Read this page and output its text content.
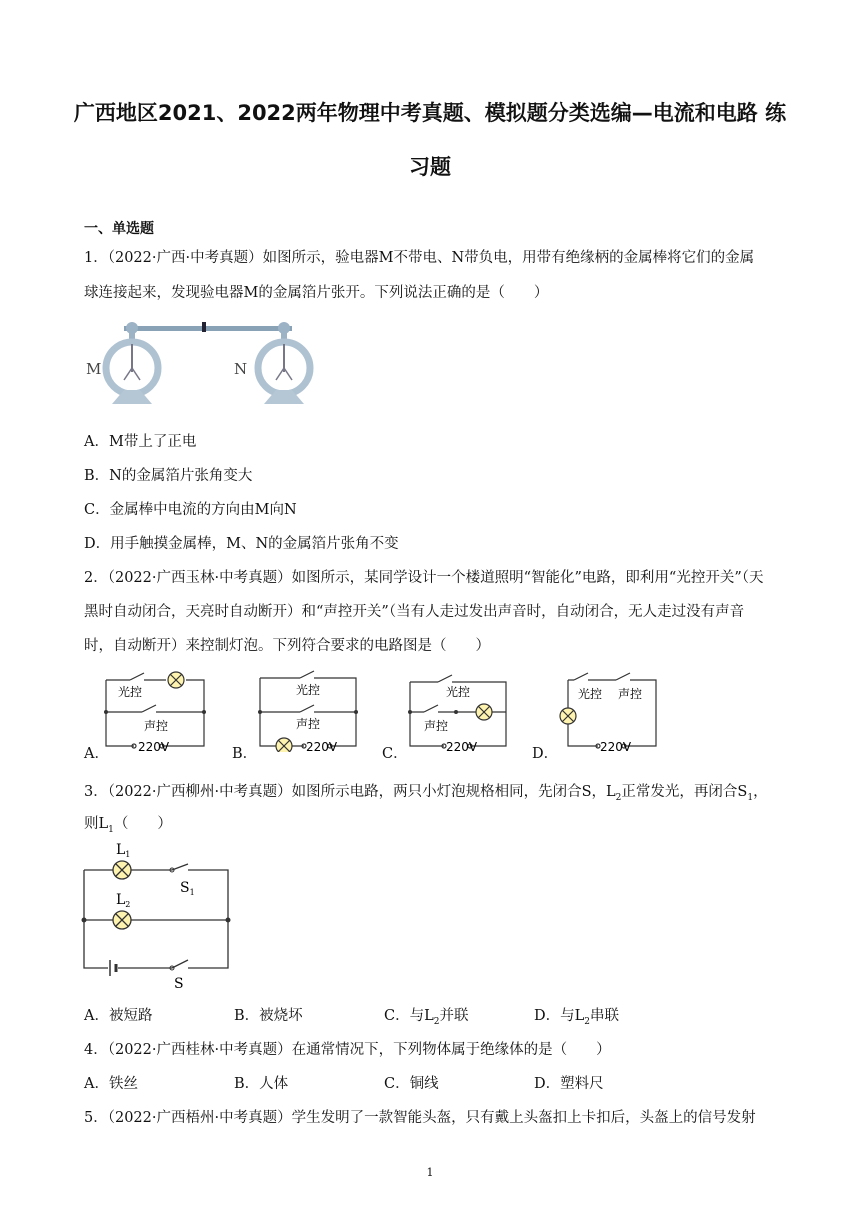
广西地区2021、2022两年物理中考真题、模拟题分类选编—电流和电路 练
习题
一、单选题
1．（2022·广西·中考真题）如图所示，验电器M不带电、N带负电，用带有绝缘柄的金属棒将它们的金属
球连接起来，发现验电器M的金属箔片张开。下列说法正确的是（　　）
M	N
A．M带上了正电
B．N的金属箔片张角变大
C．金属棒中电流的方向由M向N
D．用手触摸金属棒，M、N的金属箔片张角不变
2．（2022·广西玉林·中考真题）如图所示，某同学设计一个楼道照明“智能化”电路，即利用“光控开关”（天
黑时自动闭合，天亮时自动断开）和“声控开关”（当有人走过发出声音时，自动闭合，无人走过没有声音
时，自动断开）来控制灯泡。下列符合要求的电路图是（　　）
A．
光控
声控
220V	B．
光控
声控
220V	C．
光控
声控
220V	D．
光控 声控
220V
3．（2022·广西柳州·中考真题）如图所示电路，两只小灯泡规格相同，先闭合S，$L_2$正常发光，再闭合$S_1$，
则$L_1$（　　）
$L_1$
$S_1$
$L_2$
S
A．被短路	B．被烧坏	C．与$L_2$并联	D．与$L_2$串联
4．（2022·广西桂林·中考真题）在通常情况下，下列物体属于绝缘体的是（　　）
A．铁丝	B．人体	C．铜线	D．塑料尺
5．（2022·广西梧州·中考真题）学生发明了一款智能头盔，只有戴上头盔扣上卡扣后，头盔上的信号发射
1
